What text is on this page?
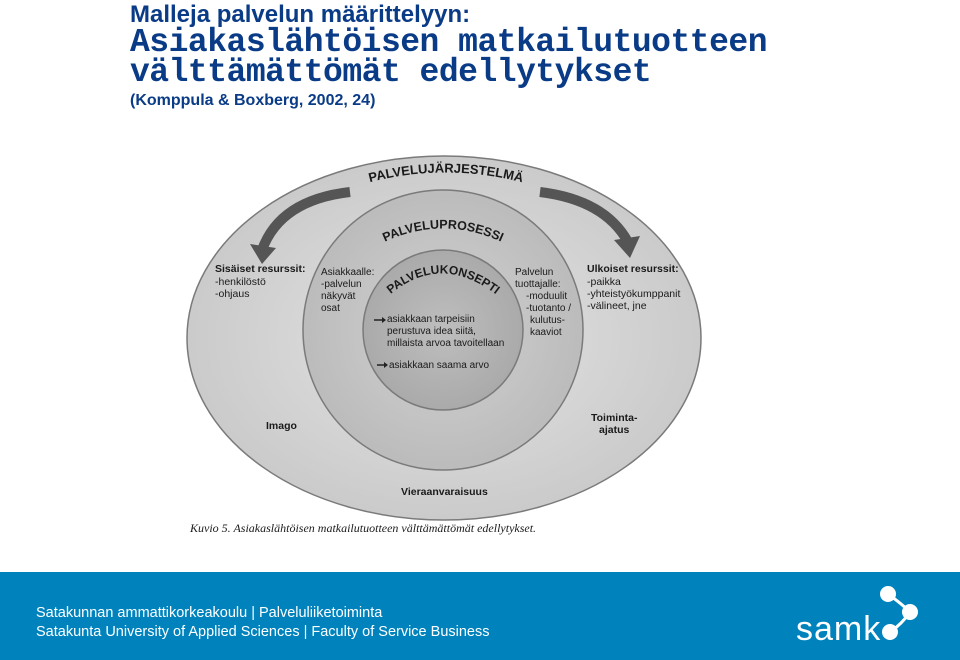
Malleja palvelun määrittelyyn:
Asiakaslähtöisen matkailutuotteen
välttämättömät edellytykset
(Komppula & Boxberg, 2002, 24)
PALVELUJÄRJESTELMÄ
PALVELUPROSESSI
PALVELUKONSEPTI
Sisäiset resurssit:
-henkilöstö
-ohjaus
Asiakkaalle:
-palvelun
näkyvät
osat
Palvelun
tuottajalle:
-moduulit
-tuotanto /
kulutus-
kaaviot
Ulkoiset resurssit:
-paikka
-yhteistyökumppanit
-välineet, jne
asiakkaan tarpeisiin
perustuva idea siitä,
millaista arvoa tavoitellaan
asiakkaan saama arvo
Imago
Toiminta-
ajatus
Vieraanvaraisuus
Kuvio 5. Asiakaslähtöisen matkailutuotteen välttämättömät edellytykset.
Satakunnan ammattikorkeakoulu | Palveluliiketoiminta
Satakunta University of Applied Sciences | Faculty of Service Business	samk
